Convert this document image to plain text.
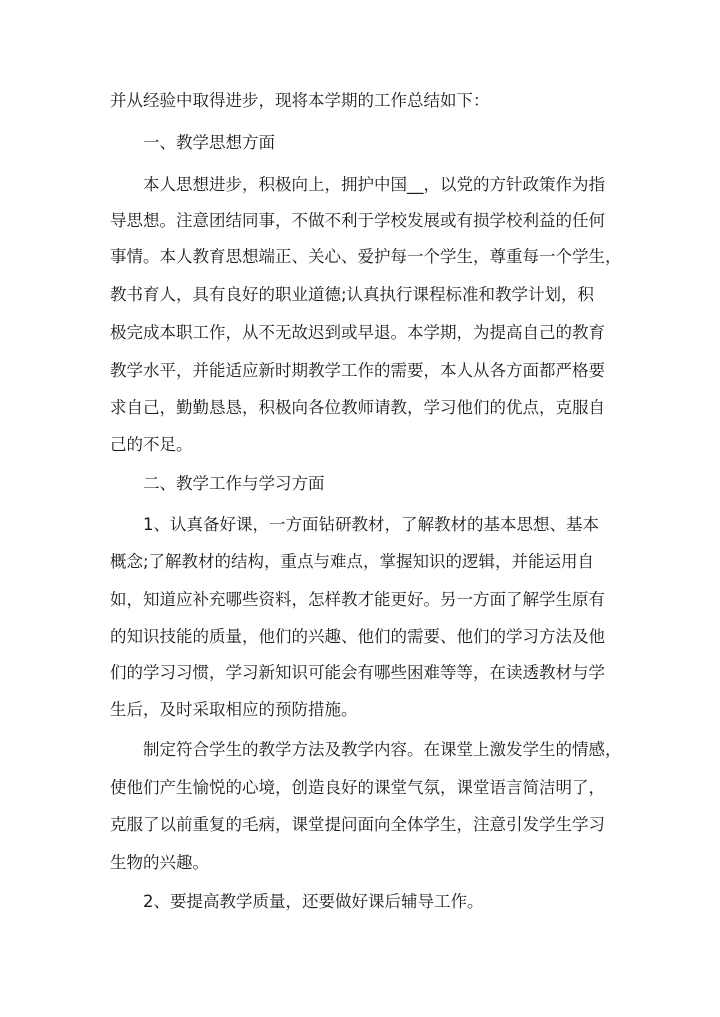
并从经验中取得进步，现将本学期的工作总结如下：
一、教学思想方面
本人思想进步，积极向上，拥护中国__，以党的方针政策作为指
导思想。注意团结同事，不做不利于学校发展或有损学校利益的任何
事情。本人教育思想端正、关心、爱护每一个学生，尊重每一个学生，
教书育人，具有良好的职业道德;认真执行课程标准和教学计划，积
极完成本职工作，从不无故迟到或早退。本学期，为提高自己的教育
教学水平，并能适应新时期教学工作的需要，本人从各方面都严格要
求自己，勤勤恳恳，积极向各位教师请教，学习他们的优点，克服自
己的不足。
二、教学工作与学习方面
1、认真备好课，一方面钻研教材，了解教材的基本思想、基本
概念;了解教材的结构，重点与难点，掌握知识的逻辑，并能运用自
如，知道应补充哪些资料，怎样教才能更好。另一方面了解学生原有
的知识技能的质量，他们的兴趣、他们的需要、他们的学习方法及他
们的学习习惯，学习新知识可能会有哪些困难等等，在读透教材与学
生后，及时采取相应的预防措施。
制定符合学生的教学方法及教学内容。在课堂上激发学生的情感，
使他们产生愉悦的心境，创造良好的课堂气氛，课堂语言简洁明了，
克服了以前重复的毛病，课堂提问面向全体学生，注意引发学生学习
生物的兴趣。
2、要提高教学质量，还要做好课后辅导工作。
